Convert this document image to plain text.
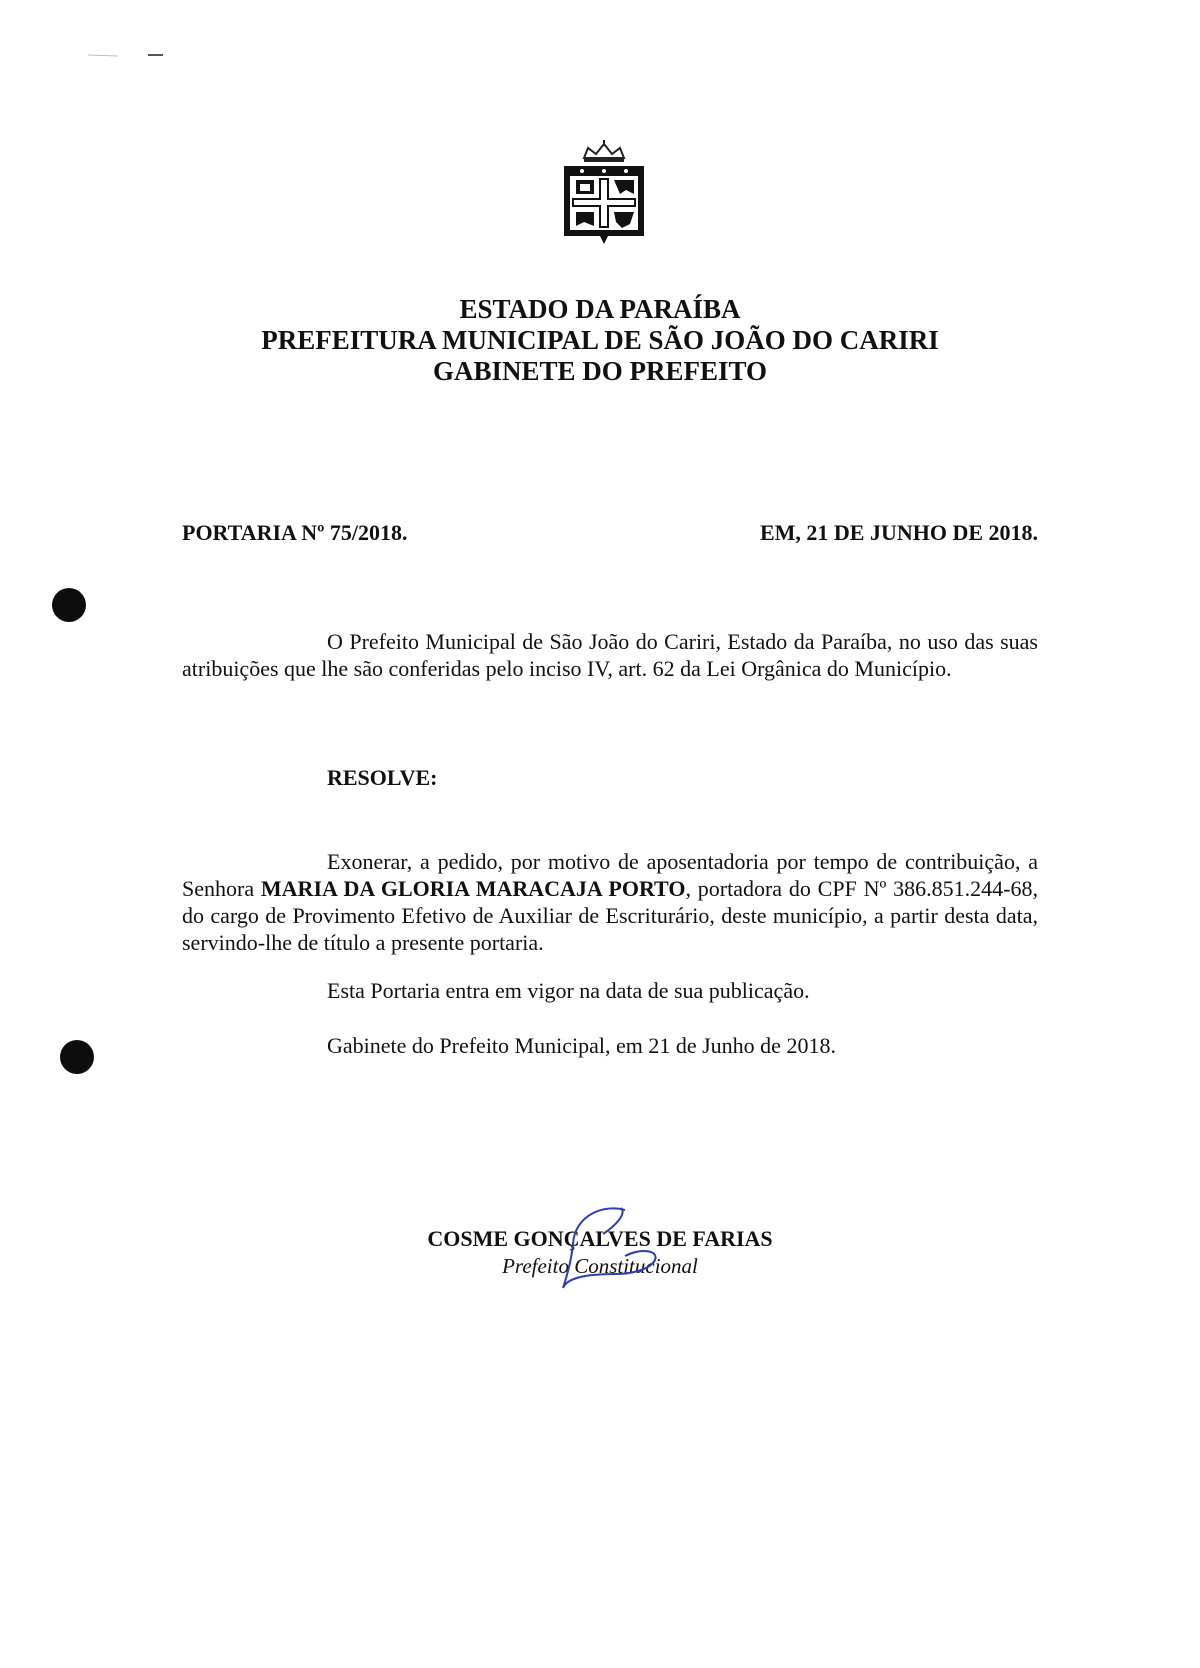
ESTADO DA PARAÍBA
PREFEITURA MUNICIPAL DE SÃO JOÃO DO CARIRI
GABINETE DO PREFEITO
PORTARIA Nº 75/2018.	EM, 21 DE JUNHO DE 2018.
O Prefeito Municipal de São João do Cariri, Estado da Paraíba, no uso das suas atribuições que lhe são conferidas pelo inciso IV, art. 62 da Lei Orgânica do Município.
RESOLVE:
Exonerar, a pedido, por motivo de aposentadoria por tempo de contribuição, a Senhora MARIA DA GLORIA MARACAJA PORTO, portadora do CPF Nº 386.851.244-68, do cargo de Provimento Efetivo de Auxiliar de Escriturário, deste município, a partir desta data, servindo-lhe de título a presente portaria.
Esta Portaria entra em vigor na data de sua publicação.
Gabinete do Prefeito Municipal, em 21 de Junho de 2018.
COSME GONÇALVES DE FARIAS
Prefeito Constitucional
